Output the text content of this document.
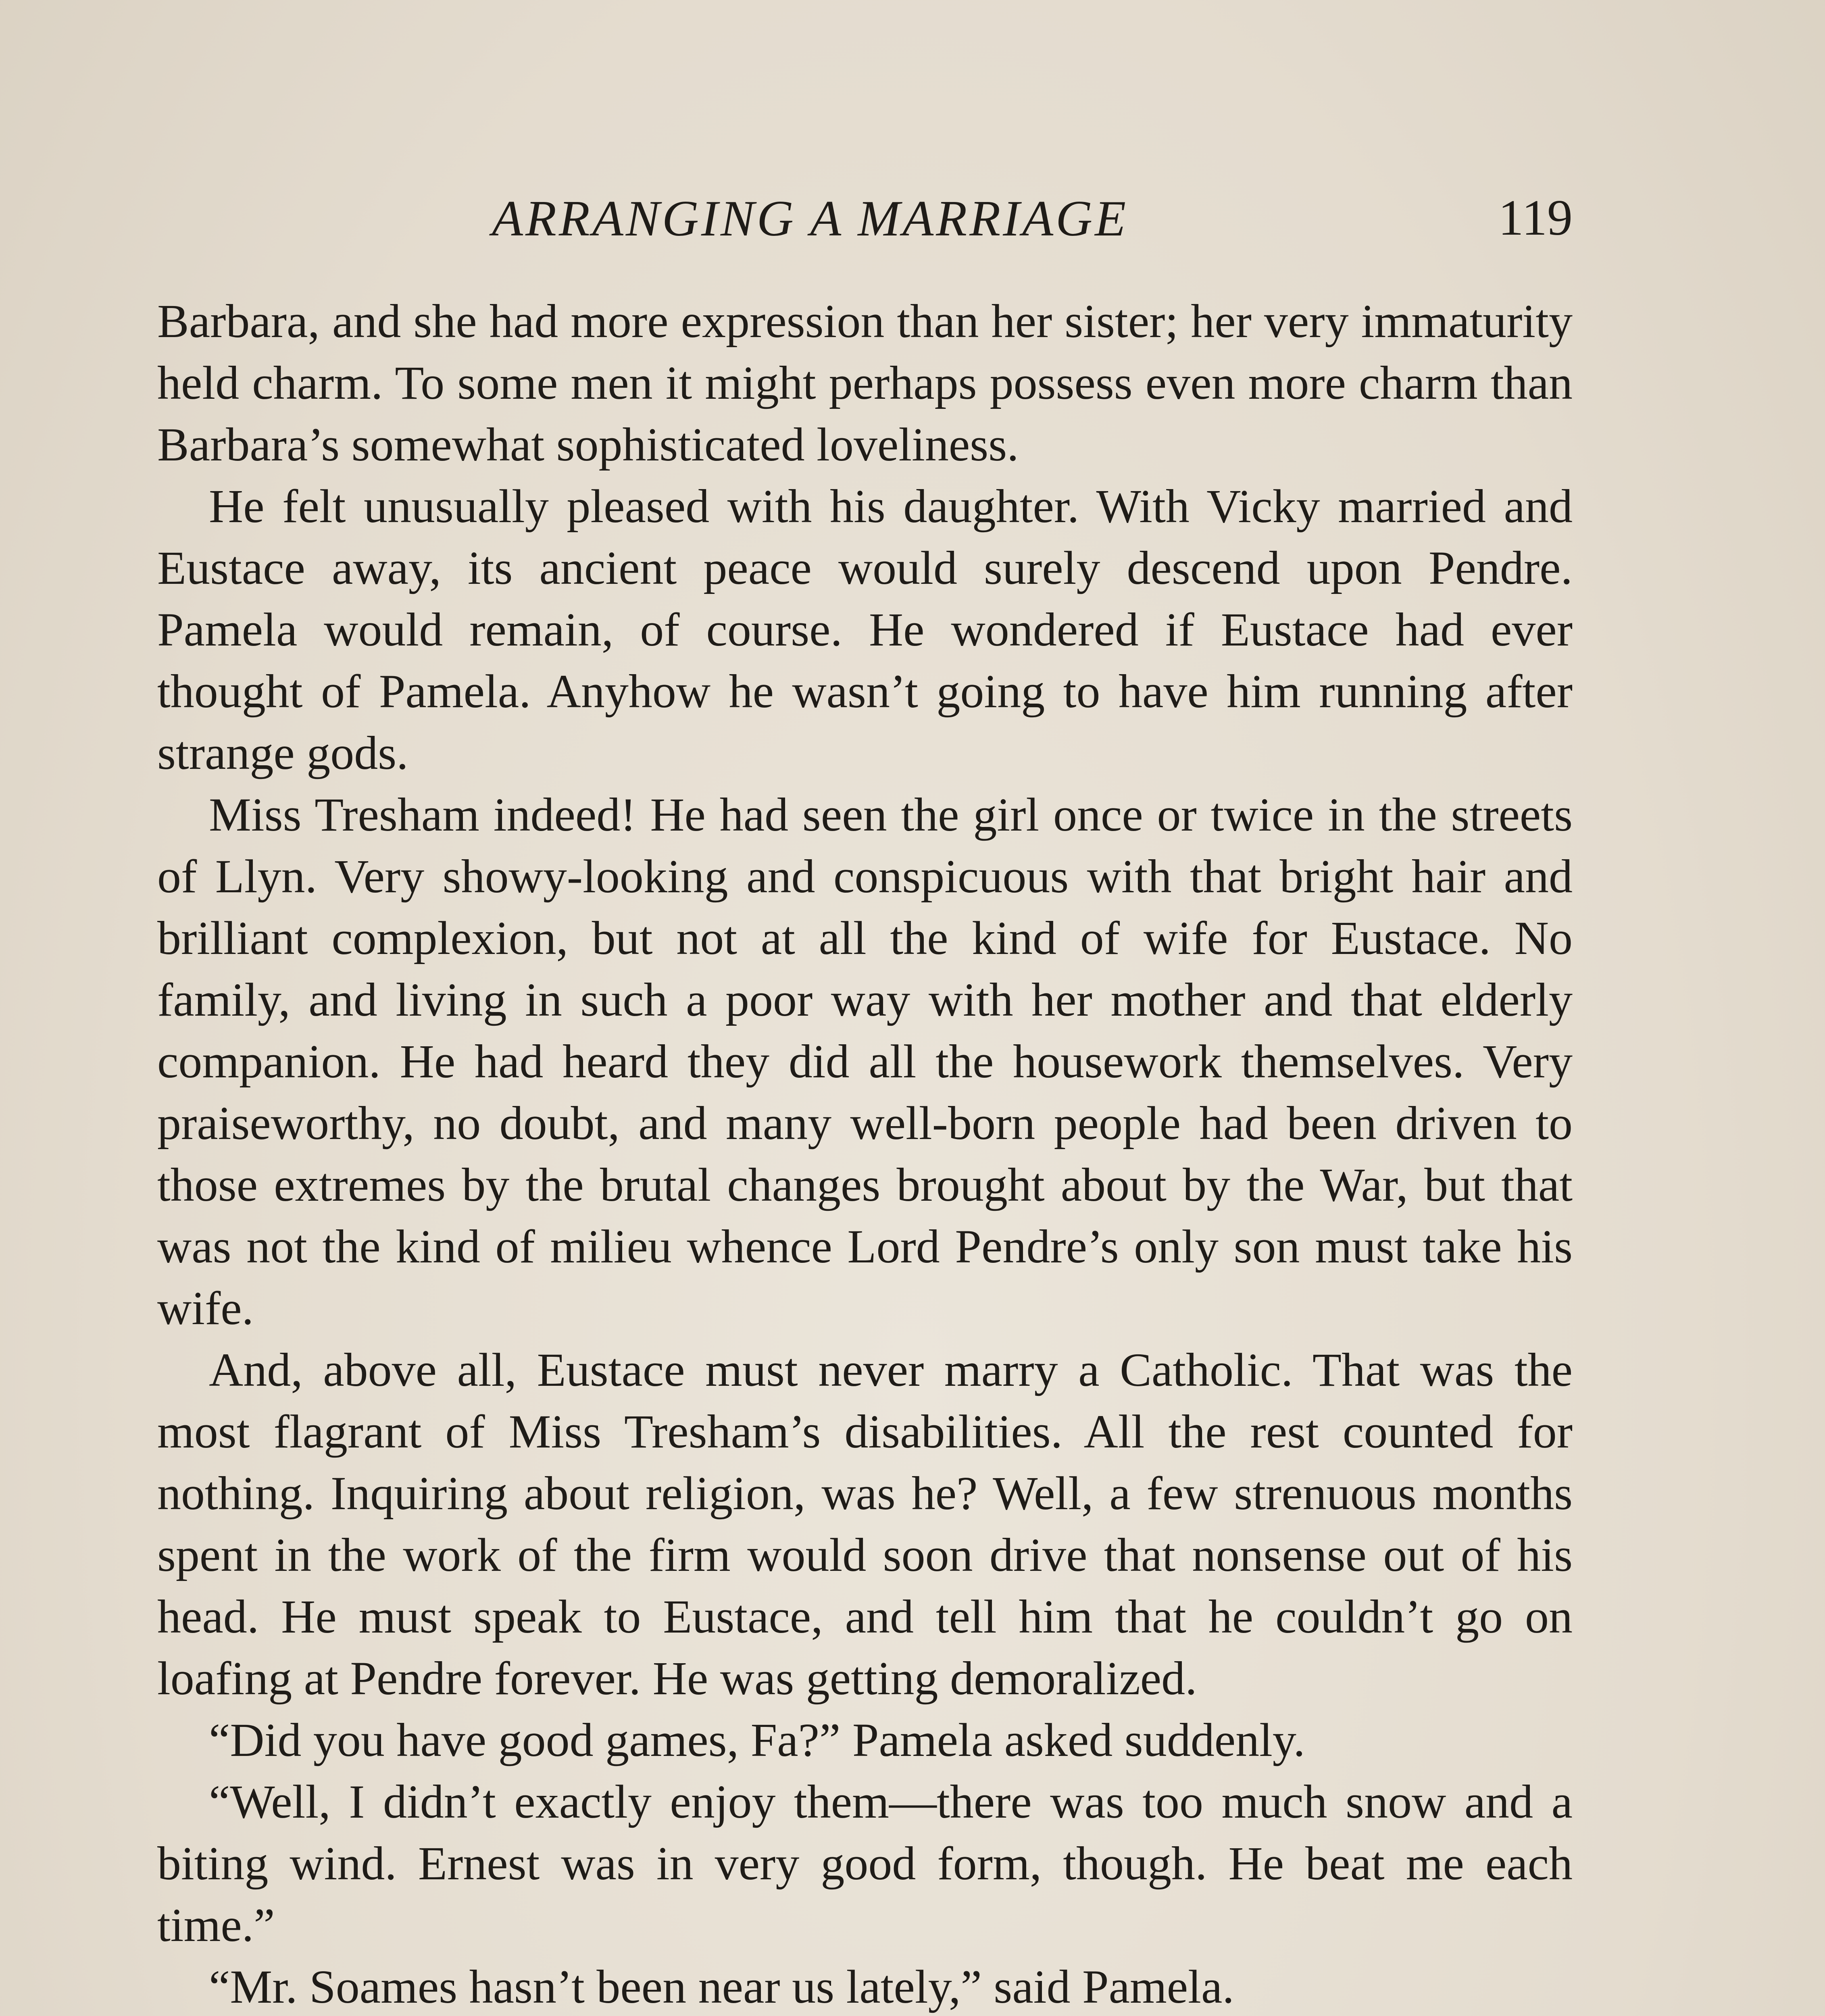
ARRANGING A MARRIAGE	119

Barbara, and she had more expression than her sister; her very immaturity held charm. To some men it might perhaps possess even more charm than Barbara’s somewhat sophisticated loveliness.

He felt unusually pleased with his daughter. With Vicky married and Eustace away, its ancient peace would surely descend upon Pendre. Pamela would remain, of course. He wondered if Eustace had ever thought of Pamela. Anyhow he wasn’t going to have him running after strange gods.

Miss Tresham indeed! He had seen the girl once or twice in the streets of Llyn. Very showy-looking and conspicuous with that bright hair and brilliant complexion, but not at all the kind of wife for Eustace. No family, and living in such a poor way with her mother and that elderly companion. He had heard they did all the housework themselves. Very praiseworthy, no doubt, and many well-born people had been driven to those extremes by the brutal changes brought about by the War, but that was not the kind of milieu whence Lord Pendre’s only son must take his wife.

And, above all, Eustace must never marry a Catholic. That was the most flagrant of Miss Tresham’s disabilities. All the rest counted for nothing. Inquiring about religion, was he? Well, a few strenuous months spent in the work of the firm would soon drive that nonsense out of his head. He must speak to Eustace, and tell him that he couldn’t go on loafing at Pendre forever. He was getting demoralized.

“Did you have good games, Fa?” Pamela asked suddenly.

“Well, I didn’t exactly enjoy them—there was too much snow and a biting wind. Ernest was in very good form, though. He beat me each time.”

“Mr. Soames hasn’t been near us lately,” said Pamela.
